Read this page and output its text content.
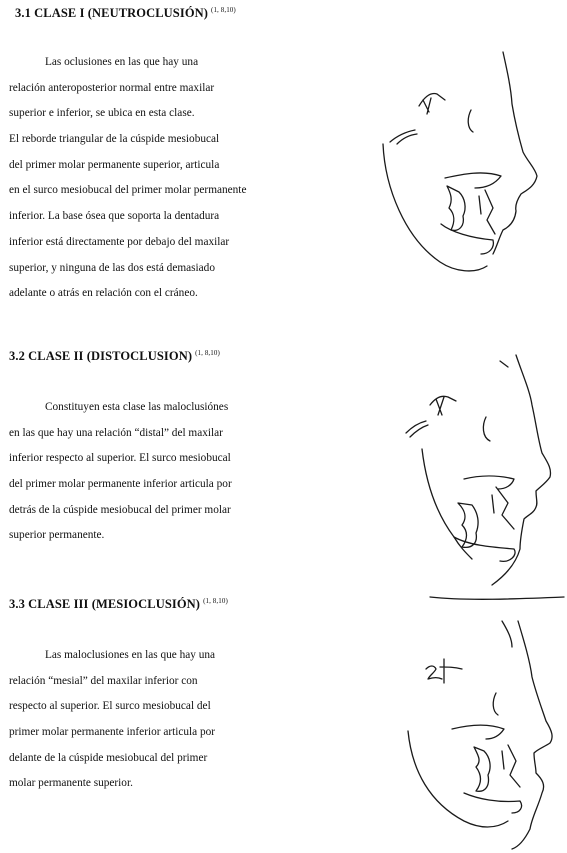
3.1 CLASE I (NEUTROCLUSIÓN) $^{(1, 8,10)}$

Las oclusiones en las que hay una
relación anteroposterior normal entre maxilar
superior e inferior, se ubica en esta clase.
El reborde triangular de la cúspide mesiobucal
del primer molar permanente superior, articula
en el surco mesiobucal del primer molar permanente
inferior. La base ósea que soporta la dentadura
inferior está directamente por debajo del maxilar
superior, y ninguna de las dos está demasiado
adelante o atrás en relación con el cráneo.

3.2 CLASE II (DISTOCLUSION) $^{(1, 8,10)}$

Constituyen esta clase las maloclusiónes
en las que hay una relación “distal” del maxilar
inferior respecto al superior. El surco mesiobucal
del primer molar permanente inferior articula por
detrás de la cúspide mesiobucal del primer molar
superior permanente.

3.3 CLASE III (MESIOCLUSIÓN) $^{(1, 8,10)}$

Las maloclusiones en las que hay una
relación “mesial” del maxilar inferior con
respecto al superior. El surco mesiobucal del
primer molar permanente inferior articula por
delante de la cúspide mesiobucal del primer
molar permanente superior.
